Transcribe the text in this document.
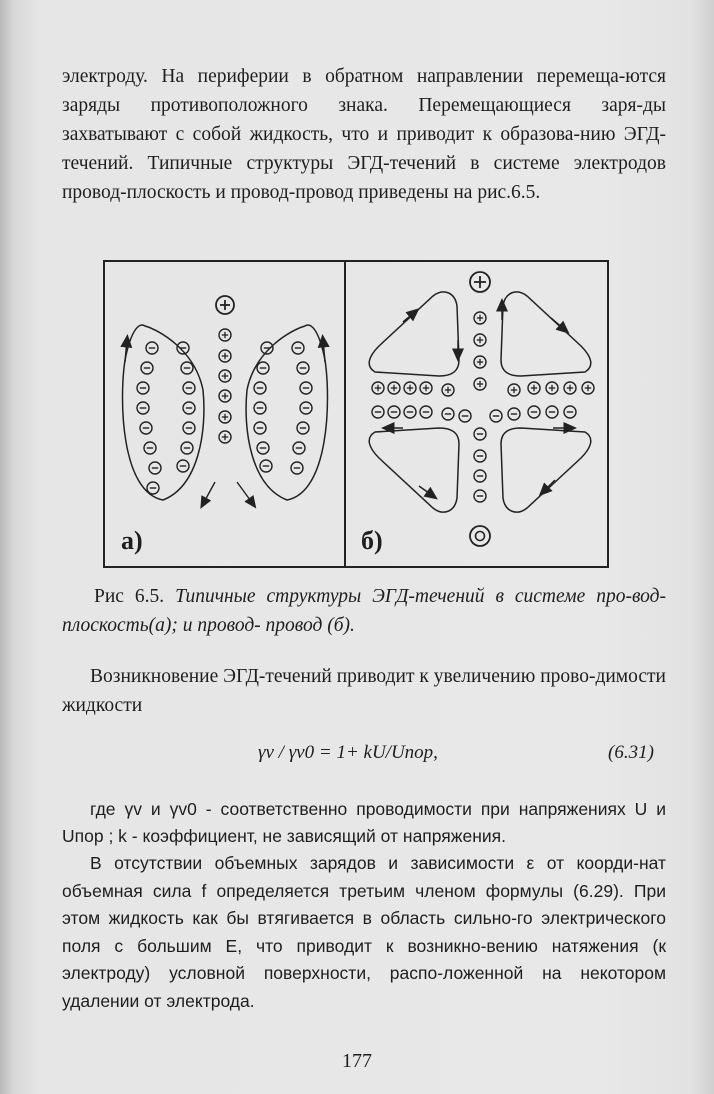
электроду. На периферии в обратном направлении перемеща-ются заряды противоположного знака. Перемещающиеся заря-ды захватывают с собой жидкость, что и приводит к образова-нию ЭГД-течений. Типичные структуры ЭГД-течений в системе электродов провод-плоскость и провод-провод приведены на рис.6.5.

а)	б)
Рис 6.5. Типичные структуры ЭГД-течений в системе про-вод-плоскость(а); и провод- провод (б).

Возникновение ЭГД-течений приводит к увеличению прово-димости жидкости

γv / γv0 = 1+ kU/Uпор,	(6.31)

где γv и γv0 - соответственно проводимости при напряжениях U и Uпор ; k - коэффициент, не зависящий от напряжения.

В отсутствии объемных зарядов и зависимости ε от коорди-нат объемная сила f определяется третьим членом формулы (6.29). При этом жидкость как бы втягивается в область сильно-го электрического поля с большим E, что приводит к возникно-вению натяжения (к электроду) условной поверхности, распо-ложенной на некотором удалении от электрода.

177
